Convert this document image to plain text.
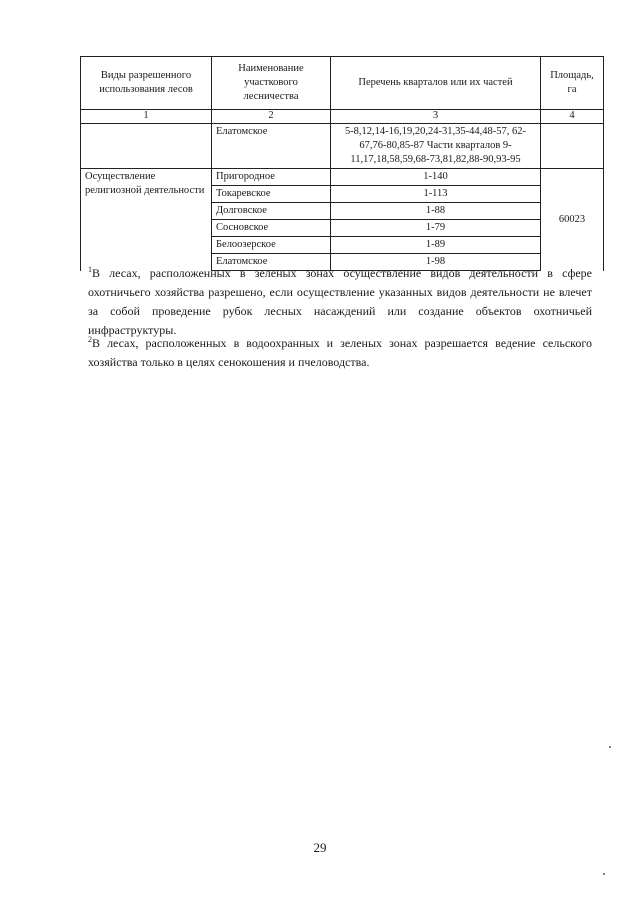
Виды разрешенного использования лесов	Наименование участкового лесничества	Перечень кварталов или их частей	Площадь, га
1	2	3	4
	Елатомское	5-8,12,14-16,19,20,24-31,35-44,48-57, 62-67,76-80,85-87 Части кварталов 9-11,17,18,58,59,68-73,81,82,88-90,93-95	
Осуществление религиозной деятельности	Пригородное	1-140	60023
	Токаревское	1-113	
	Долговское	1-88	
	Сосновское	1-79	
	Белоозерское	1-89	
	Елатомское	1-98	

$^1$В лесах, расположенных в зеленых зонах осуществление видов деятельности в сфере охотничьего хозяйства разрешено, если осуществление указанных видов деятельности не влечет за собой проведение рубок лесных насаждений или создание объектов охотничьей инфраструктуры.

$^2$В лесах, расположенных в водоохранных и зеленых зонах разрешается ведение сельского хозяйства только в целях сенокошения и пчеловодства.

29
